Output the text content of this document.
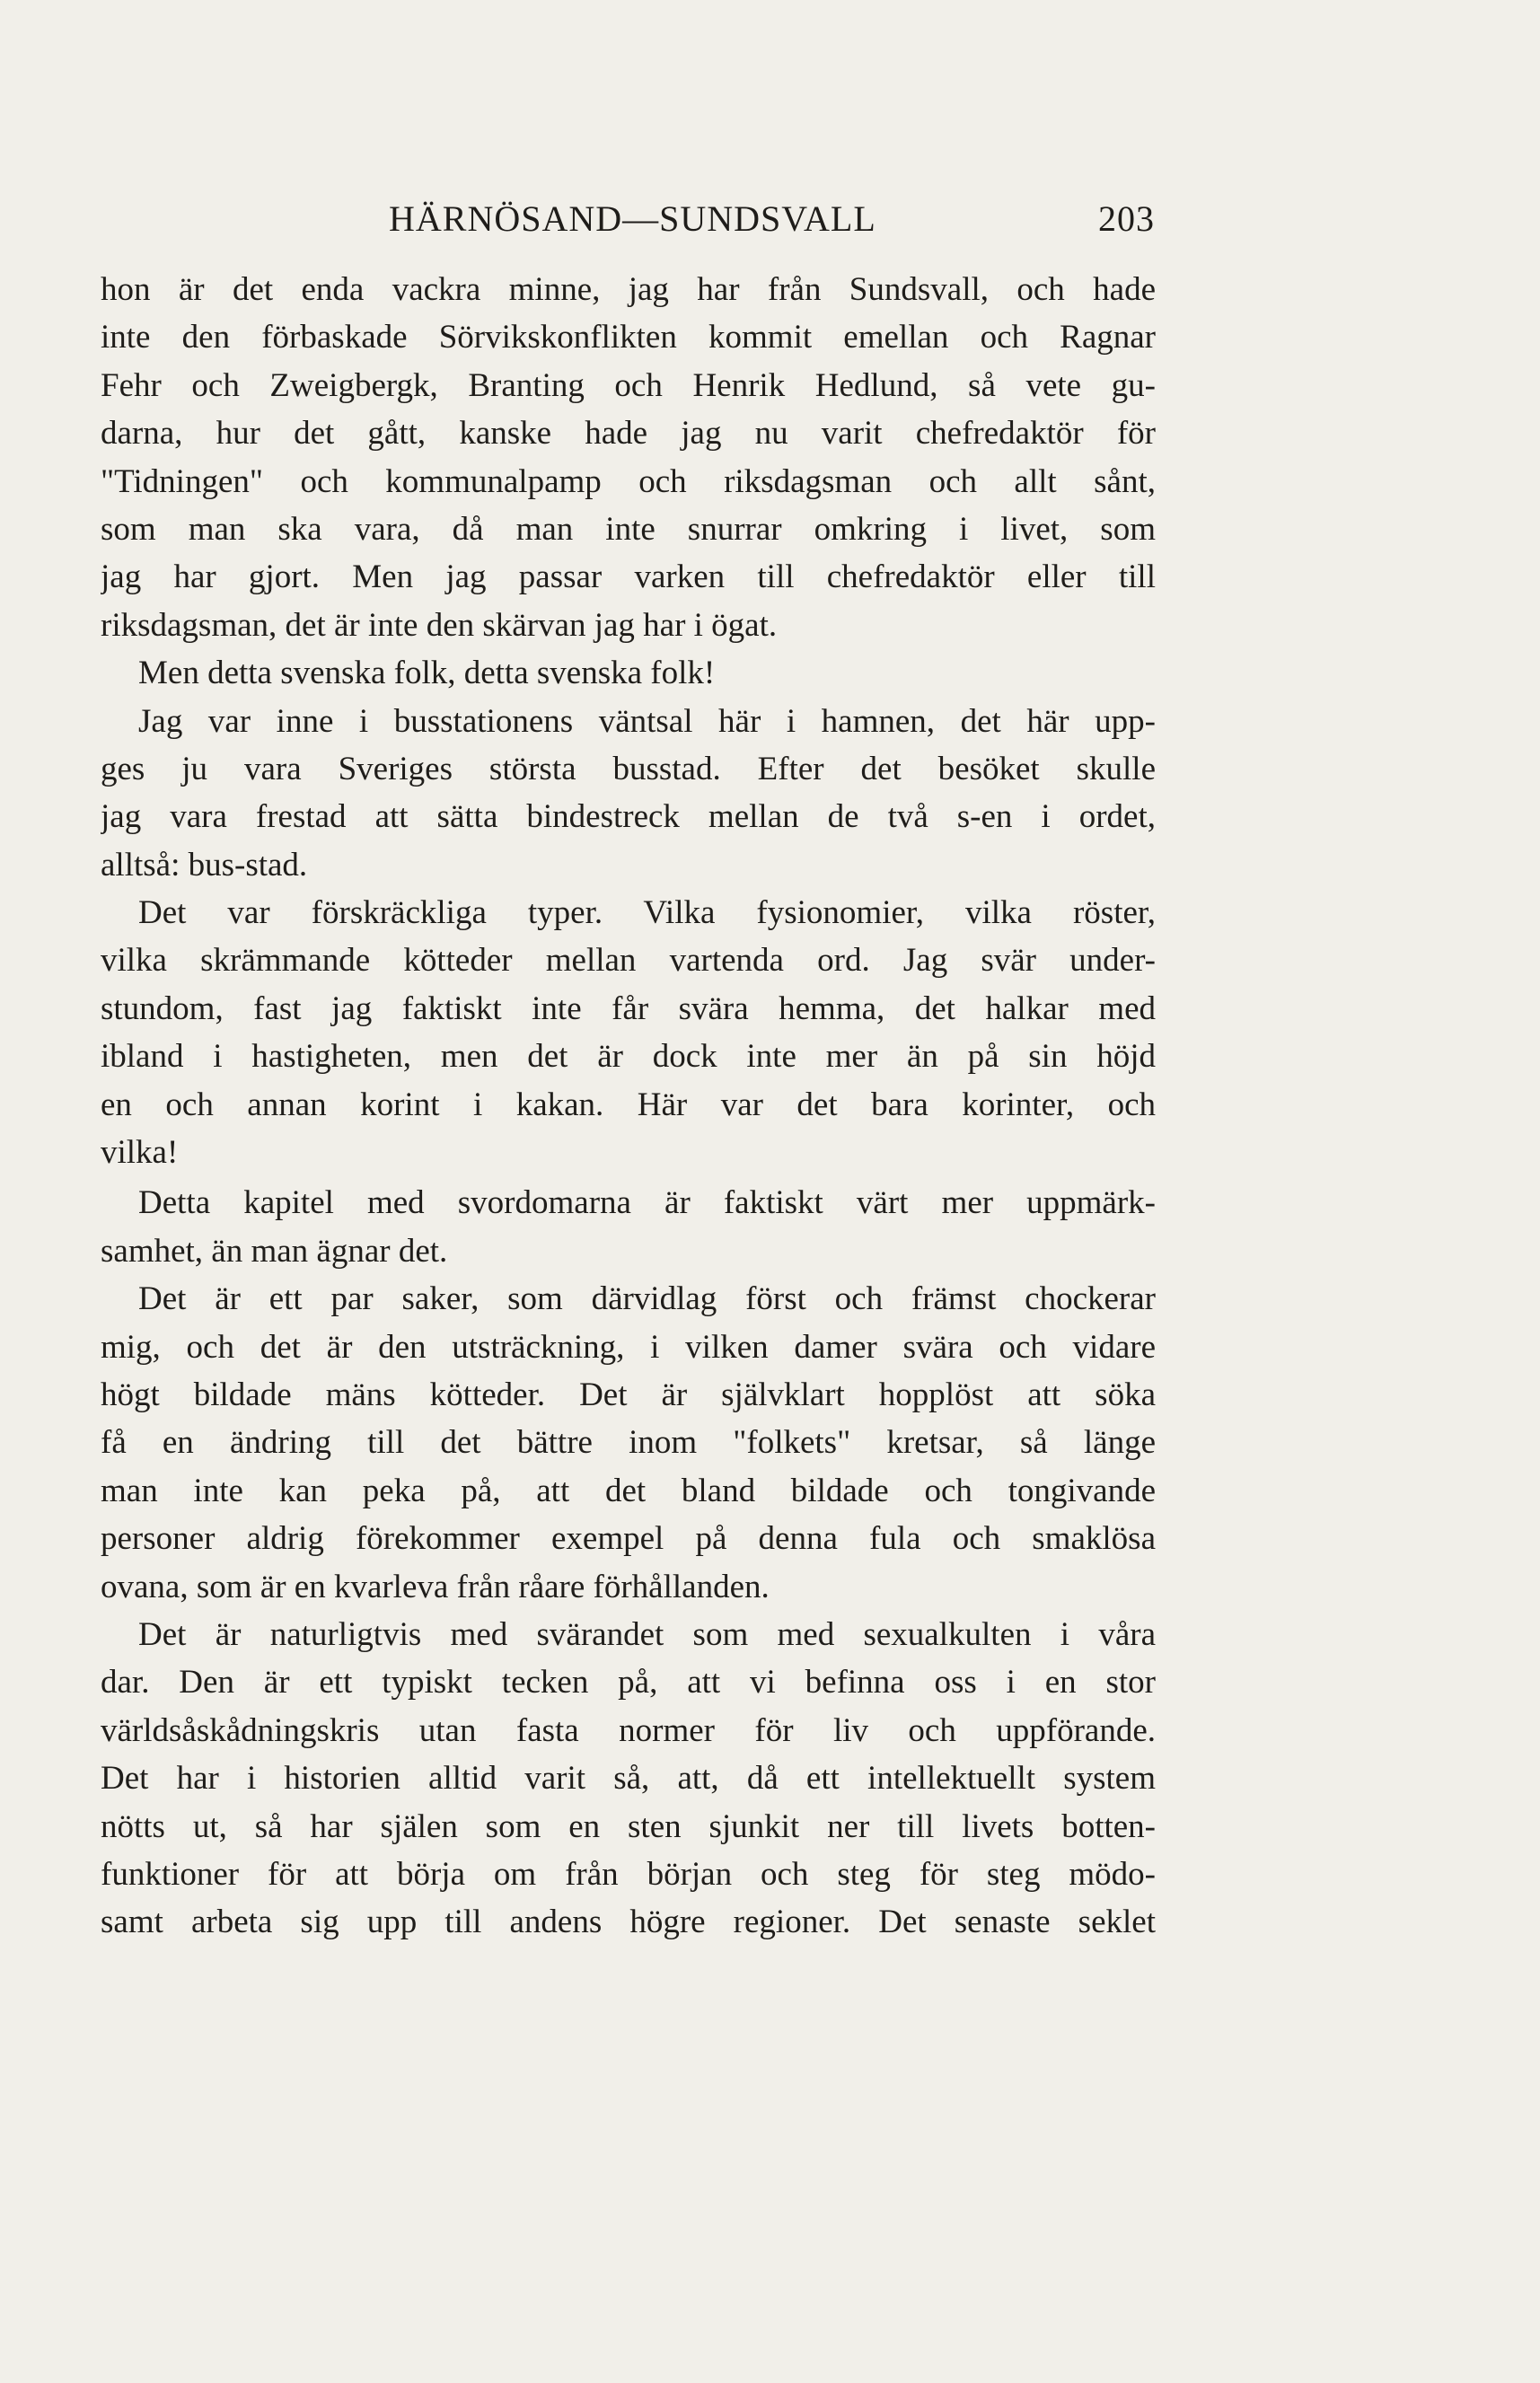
HÄRNÖSAND—SUNDSVALL	203
hon är det enda vackra minne, jag har från Sundsvall, och hade
inte den förbaskade Sörvikskonflikten kommit emellan och Ragnar
Fehr och Zweigbergk, Branting och Henrik Hedlund, så vete gu-
darna, hur det gått, kanske hade jag nu varit chefredaktör för
"Tidningen" och kommunalpamp och riksdagsman och allt sånt,
som man ska vara, då man inte snurrar omkring i livet, som
jag har gjort. Men jag passar varken till chefredaktör eller till
riksdagsman, det är inte den skärvan jag har i ögat.
Men detta svenska folk, detta svenska folk!
Jag var inne i busstationens väntsal här i hamnen, det här upp-
ges ju vara Sveriges största busstad. Efter det besöket skulle
jag vara frestad att sätta bindestreck mellan de två s-en i ordet,
alltså: bus-stad.
Det var förskräckliga typer. Vilka fysionomier, vilka röster,
vilka skrämmande kötteder mellan vartenda ord. Jag svär under-
stundom, fast jag faktiskt inte får svära hemma, det halkar med
ibland i hastigheten, men det är dock inte mer än på sin höjd
en och annan korint i kakan. Här var det bara korinter, och
vilka!
Detta kapitel med svordomarna är faktiskt värt mer uppmärk-
samhet, än man ägnar det.
Det är ett par saker, som därvidlag först och främst chockerar
mig, och det är den utsträckning, i vilken damer svära och vidare
högt bildade mäns kötteder. Det är självklart hopplöst att söka
få en ändring till det bättre inom "folkets" kretsar, så länge
man inte kan peka på, att det bland bildade och tongivande
personer aldrig förekommer exempel på denna fula och smaklösa
ovana, som är en kvarleva från råare förhållanden.
Det är naturligtvis med svärandet som med sexualkulten i våra
dar. Den är ett typiskt tecken på, att vi befinna oss i en stor
världsåskådningskris utan fasta normer för liv och uppförande.
Det har i historien alltid varit så, att, då ett intellektuellt system
nötts ut, så har själen som en sten sjunkit ner till livets botten-
funktioner för att börja om från början och steg för steg mödo-
samt arbeta sig upp till andens högre regioner. Det senaste seklet
